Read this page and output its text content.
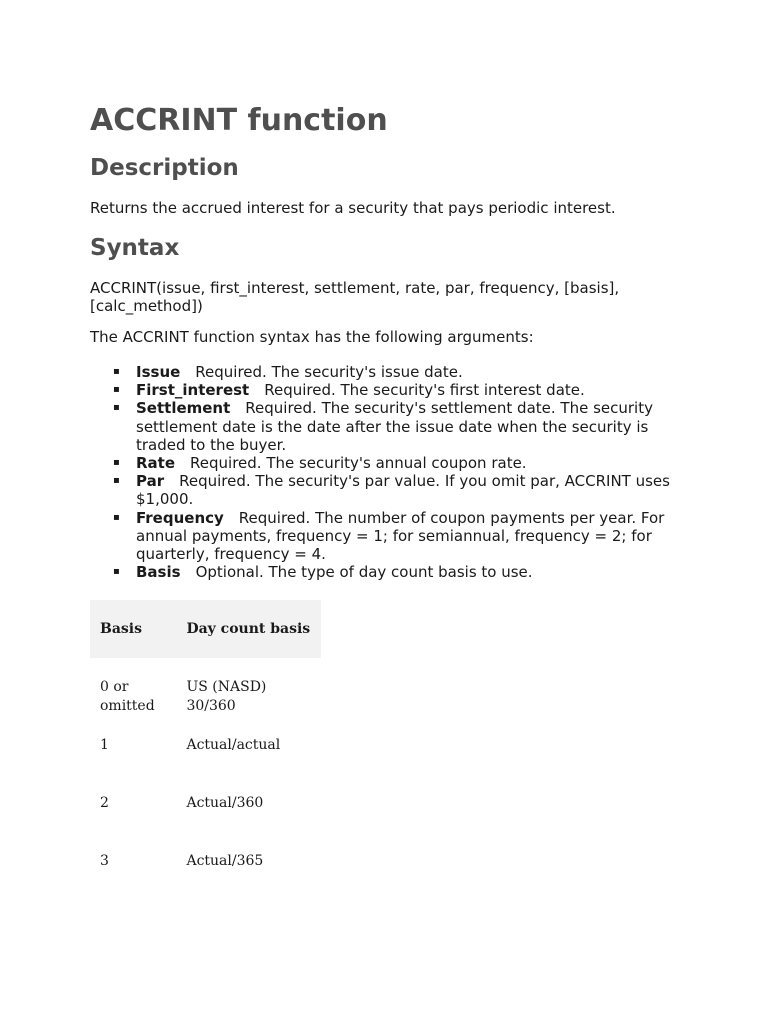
ACCRINT function
Description

Returns the accrued interest for a security that pays periodic interest.

Syntax

ACCRINT(issue, first_interest, settlement, rate, par, frequency, [basis], [calc_method])

The ACCRINT function syntax has the following arguments:

▪ Issue Required. The security's issue date.
▪ First_interest Required. The security's first interest date.
▪ Settlement Required. The security's settlement date. The security settlement date is the date after the issue date when the security is traded to the buyer.
▪ Rate Required. The security's annual coupon rate.
▪ Par Required. The security's par value. If you omit par, ACCRINT uses $1,000.
▪ Frequency Required. The number of coupon payments per year. For annual payments, frequency = 1; for semiannual, frequency = 2; for quarterly, frequency = 4.
▪ Basis Optional. The type of day count basis to use.
Basis	Day count basis
0 or omitted	US (NASD) 30/360
1	Actual/actual
2	Actual/360
3	Actual/365
